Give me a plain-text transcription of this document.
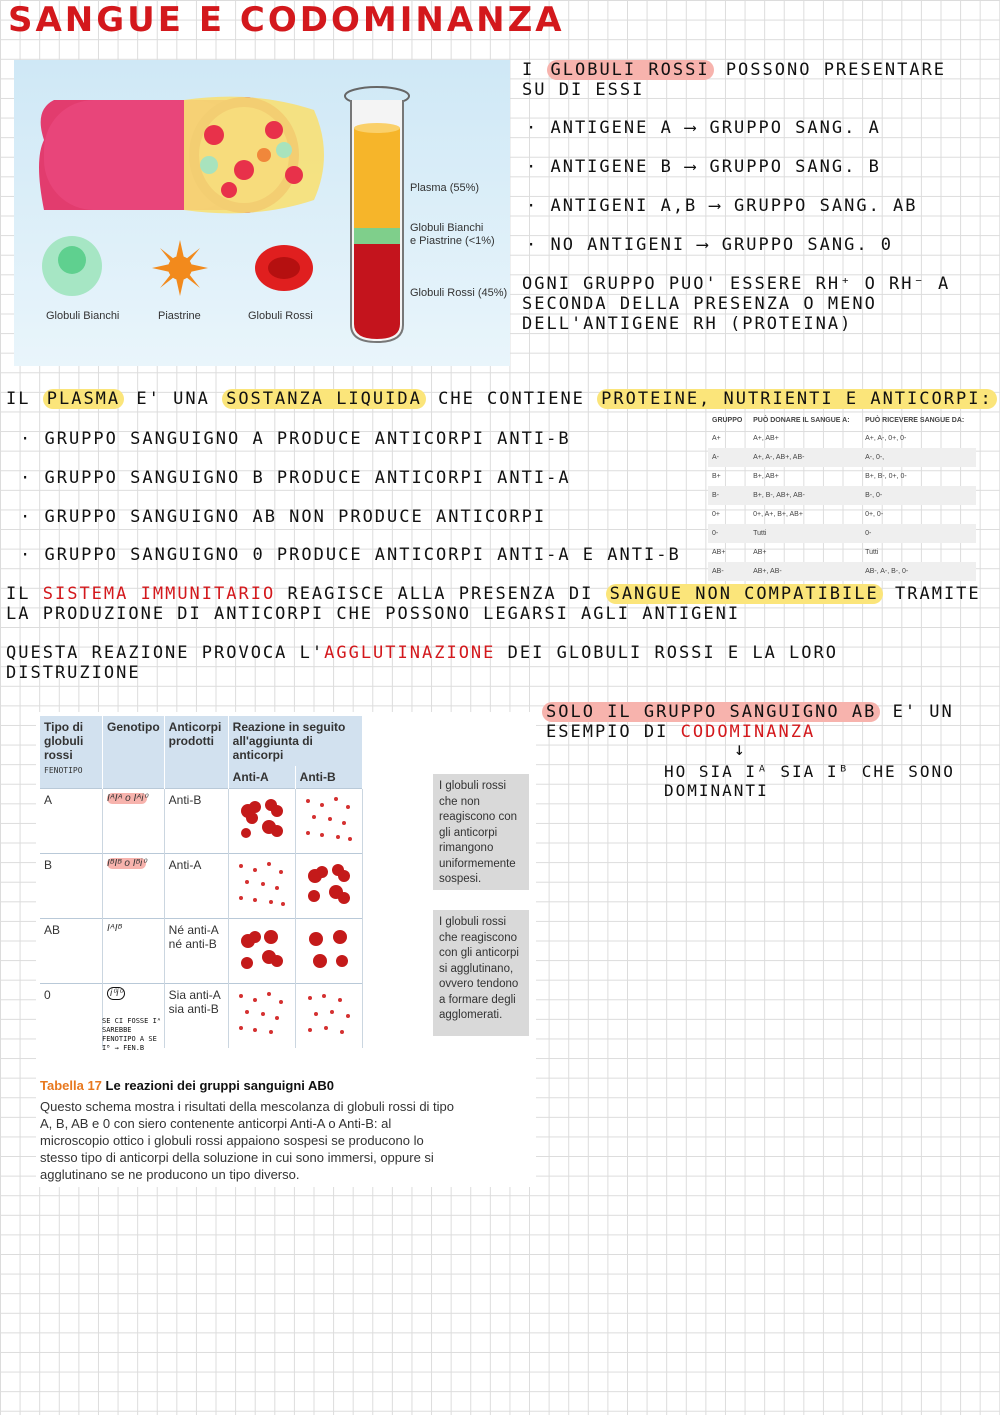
SANGUE E CODOMINANZA
Plasma (55%)
Globuli Bianchi
e Piastrine (<1%)
Globuli Rossi (45%)
Globuli Bianchi	Piastrine	Globuli Rossi
I GLOBULI ROSSI POSSONO PRESENTARE
SU DI ESSI
· ANTIGENE A ⟶ GRUPPO SANG. A
· ANTIGENE B ⟶ GRUPPO SANG. B
· ANTIGENI A,B ⟶ GRUPPO SANG. AB
· NO ANTIGENI ⟶ GRUPPO SANG. 0
OGNI GRUPPO PUO' ESSERE RH⁺ O RH⁻ A
SECONDA DELLA PRESENZA O MENO
DELL'ANTIGENE RH (PROTEINA)
IL PLASMA E' UNA SOSTANZA LIQUIDA CHE CONTIENE PROTEINE, NUTRIENTI E ANTICORPI:
· GRUPPO SANGUIGNO A PRODUCE ANTICORPI ANTI-B
· GRUPPO SANGUIGNO B PRODUCE ANTICORPI ANTI-A
· GRUPPO SANGUIGNO AB NON PRODUCE ANTICORPI
· GRUPPO SANGUIGNO 0 PRODUCE ANTICORPI ANTI-A E ANTI-B
GRUPPO	PUÒ DONARE IL SANGUE A:	PUÒ RICEVERE SANGUE DA:
A+	A+, AB+	A+, A-, 0+, 0-
A-	A+, A-, AB+, AB-	A-, 0-,
B+	B+, AB+	B+, B-, 0+, 0-
B-	B+, B-, AB+, AB-	B-, 0-
0+	0+, A+, B+, AB+	0+, 0-
0-	Tutti	0-
AB+	AB+	Tutti
AB-	AB+, AB-	AB-, A-, B-, 0-
IL SISTEMA IMMUNITARIO REAGISCE ALLA PRESENZA DI SANGUE NON COMPATIBILE TRAMITE
LA PRODUZIONE DI ANTICORPI CHE POSSONO LEGARSI AGLI ANTIGENI
QUESTA REAZIONE PROVOCA L'AGGLUTINAZIONE DEI GLOBULI ROSSI E LA LORO
DISTRUZIONE
SOLO IL GRUPPO SANGUIGNO AB E' UN
ESEMPIO DI CODOMINANZA
↓
HO SIA Iᴬ SIA Iᴮ CHE SONO
DOMINANTI
Tipo di globuli rossi
FENOTIPO	Genotipo	Anticorpi prodotti	Reazione in seguito all'aggiunta di anticorpi	
			Anti-A	Anti-B
A	IᴬIᴬ o Iᴬi⁰	Anti-B		
B	IᴮIᴮ o Iᴮi⁰	Anti-A		
AB	IᴬIᴮ	Né anti-A né anti-B		
0	i⁰i⁰	Sia anti-A sia anti-B		
SE CI FOSSE Iᴬ SAREBBE FENOTIPO A SE Iᴮ → FEN.B
I globuli rossi che non reagiscono con gli anticorpi rimangono uniformemente sospesi.
I globuli rossi che reagiscono con gli anticorpi si agglutinano, ovvero tendono a formare degli agglomerati.
Tabella 17 Le reazioni dei gruppi sanguigni AB0
Questo schema mostra i risultati della mescolanza di globuli rossi di tipo A, B, AB e 0 con siero contenente anticorpi Anti-A o Anti-B: al microscopio ottico i globuli rossi appaiono sospesi se producono lo stesso tipo di anticorpi della soluzione in cui sono immersi, oppure si agglutinano se ne producono un tipo diverso.
